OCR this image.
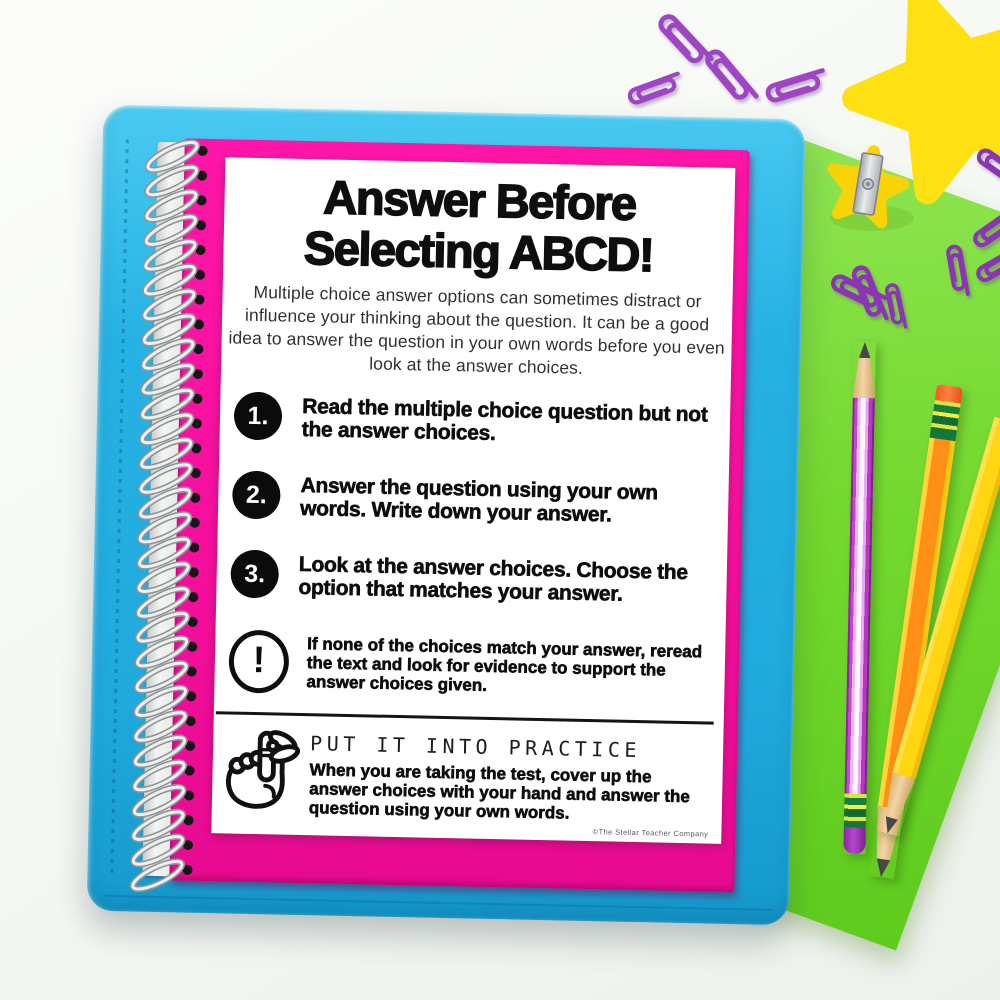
Answer Before
Selecting ABCD!
Multiple choice answer options can sometimes distract or influence your thinking about the question. It can be a good idea to answer the question in your own words before you even look at the answer choices.
1.	Read the multiple choice question but not the answer choices.
2.	Answer the question using your own words. Write down your answer.
3.	Look at the answer choices. Choose the option that matches your answer.
!	If none of the choices match your answer, reread the text and look for evidence to support the answer choices given.
PUT IT INTO PRACTICE
When you are taking the test, cover up the answer choices with your hand and answer the question using your own words.
©The Stellar Teacher Company
